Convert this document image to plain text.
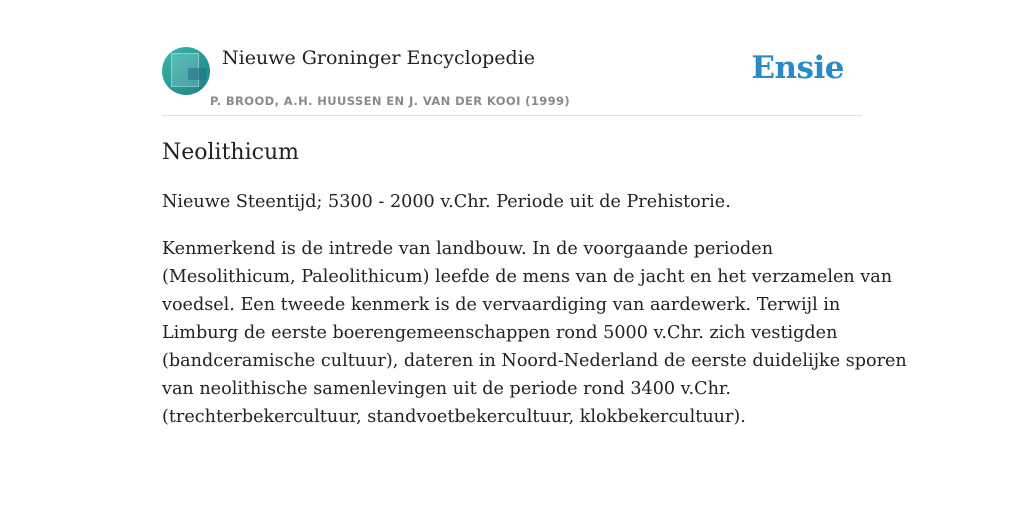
Nieuwe Groninger Encyclopedie
P. BROOD, A.H. HUUSSEN EN J. VAN DER KOOI (1999)
Ensie
Neolithicum

Nieuwe Steentijd; 5300 - 2000 v.Chr. Periode uit de Prehistorie.

Kenmerkend is de intrede van landbouw. In de voorgaande perioden
(Mesolithicum, Paleolithicum) leefde de mens van de jacht en het verzamelen van
voedsel. Een tweede kenmerk is de vervaardiging van aardewerk. Terwijl in
Limburg de eerste boerengemeenschappen rond 5000 v.Chr. zich vestigden
(bandceramische cultuur), dateren in Noord-Nederland de eerste duidelijke sporen
van neolithische samenlevingen uit de periode rond 3400 v.Chr.
(trechterbekercultuur, standvoetbekercultuur, klokbekercultuur).
